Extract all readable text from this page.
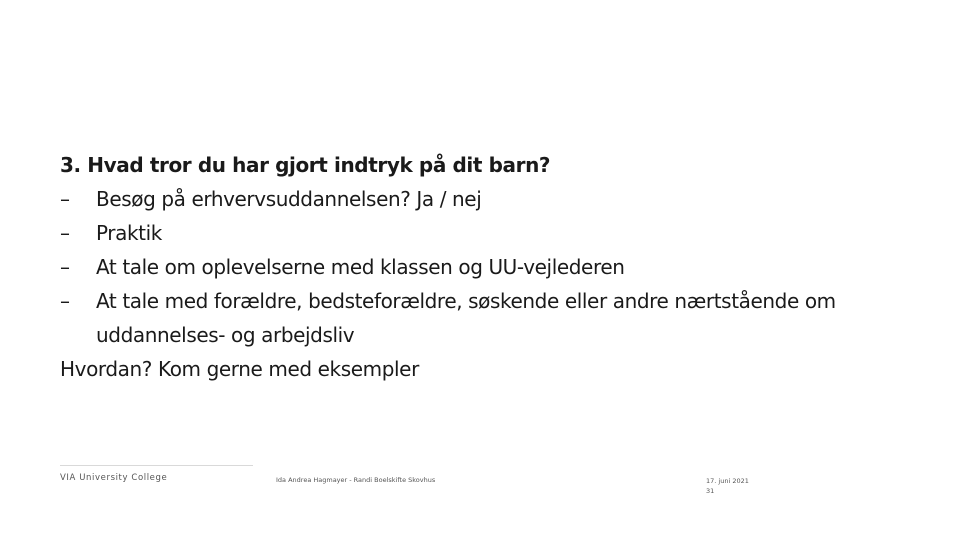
3. Hvad tror du har gjort indtryk på dit barn?
– Besøg på erhvervsuddannelsen? Ja / nej
– Praktik
– At tale om oplevelserne med klassen og UU-vejlederen
– At tale med forældre, bedsteforældre, søskende eller andre nærtstående om uddannelses- og arbejdsliv
Hvordan? Kom gerne med eksempler
VIA University College	Ida Andrea Hagmayer - Randi Boelskifte Skovhus	17. juni 2021
31
